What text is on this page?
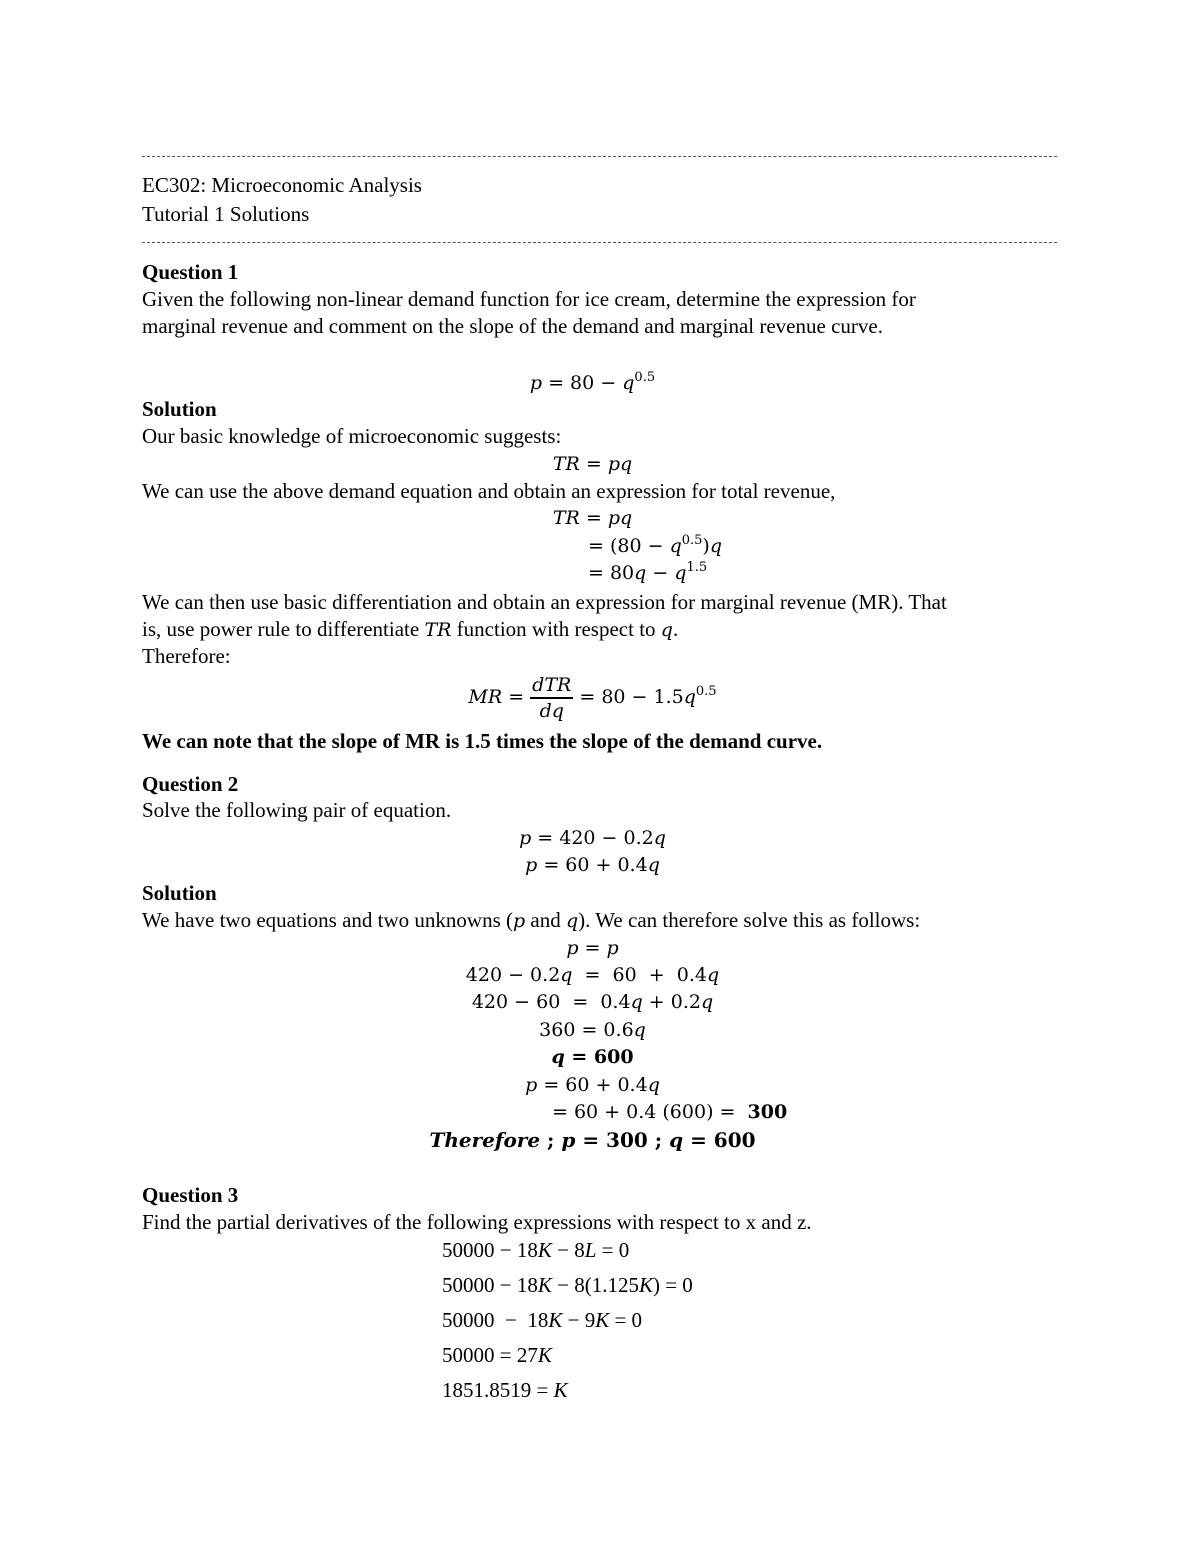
EC302: Microeconomic Analysis
Tutorial 1 Solutions
Question 1
Given the following non-linear demand function for ice cream, determine the expression for
marginal revenue and comment on the slope of the demand and marginal revenue curve.
$p = 80 - q^{0.5}$
Solution
Our basic knowledge of microeconomic suggests:
TR = pq
We can use the above demand equation and obtain an expression for total revenue,
TR = pq
= $(80 - q^{0.5})q$
= $80q - q^{1.5}$
We can then use basic differentiation and obtain an expression for marginal revenue (MR). That
is, use power rule to differentiate TR function with respect to q.
Therefore:
MR = $\frac{\text{dTR}}{dq} = 80 - 1.5q^{0.5}$
We can note that the slope of MR is 1.5 times the slope of the demand curve.
Question 2
Solve the following pair of equation.
p = 420 − 0.2q
p = 60 + 0.4q
Solution
We have two equations and two unknowns (p and q). We can therefore solve this as follows:
p = p
420 − 0.2q  =  60  +  0.4q
420 − 60  =  0.4q + 0.2q
360 = 0.6q
q = 600
p = 60 + 0.4q
= 60 + 0.4 (600) =  300
Therefore ; p = 300 ; q = 600
Question 3
Find the partial derivatives of the following expressions with respect to x and z.
50000 − 18K − 8L = 0
50000 − 18K − 8(1.125K) = 0
50000  −  18K − 9K = 0
50000 = 27K
1851.8519 = K
